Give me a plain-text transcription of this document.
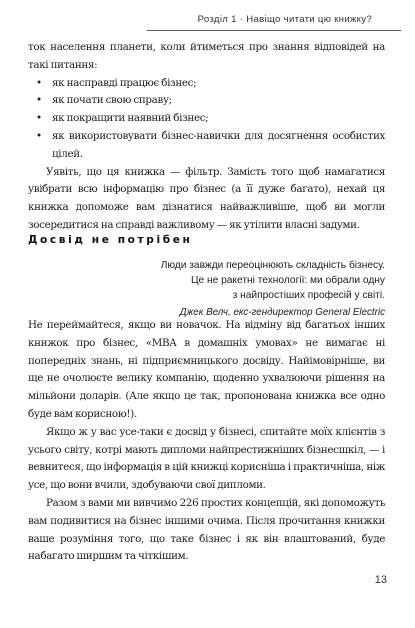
Розділ 1 · Навіщо читати цю книжку?

ток населення планети, коли йтиметься про знання відповідей на такі питання:

• як насправді працює бізнес;
• як почати свою справу;
• як покращити наявний бізнес;
• як використовувати бізнес-навички для досягнення особистих цілей.

Уявіть, що ця книжка — фільтр. Замість того щоб намагатися увібрати всю інформацію про бізнес (а її дуже багато), нехай ця книжка допоможе вам дізнатися найважливіше, щоб ви могли зосередитися на справді важливому — як утілити власні задуми.

Досвід не потрібен
Люди завжди переоцінюють складність бізнесу.
Це не ракетні технології: ми обрали одну
з найпростіших професій у світі.
Джек Велч, екс-гендиректор General Electric

Не переймайтеся, якщо ви новачок. На відміну від багатьох інших книжок про бізнес, «MBA в домашніх умовах» не вимагає ні попередніх знань, ні підприємницького досвіду. Найімовірніше, ви ще не очолюєте велику компанію, щоденно ухвалюючи рішення на мільйони доларів. (Але якщо це так, пропонована книжка все одно буде вам корисною!).

Якщо ж у вас усе-таки є досвід у бізнесі, спитайте моїх клієнтів з усього світу, котрі мають дипломи найпрестижніших бізнесшкіл, — і вевнитеся, що інформація в цій книжці корисніша і практичніша, ніж усе, що вони вчили, здобуваючи свої дипломи.

Разом з вами ми вивчимо 226 простих концепцій, які допоможуть вам подивитися на бізнес іншими очима. Після прочитання книжки ваше розуміння того, що таке бізнес і як він влаштований, буде набагато ширшим та чіткішим.

13
